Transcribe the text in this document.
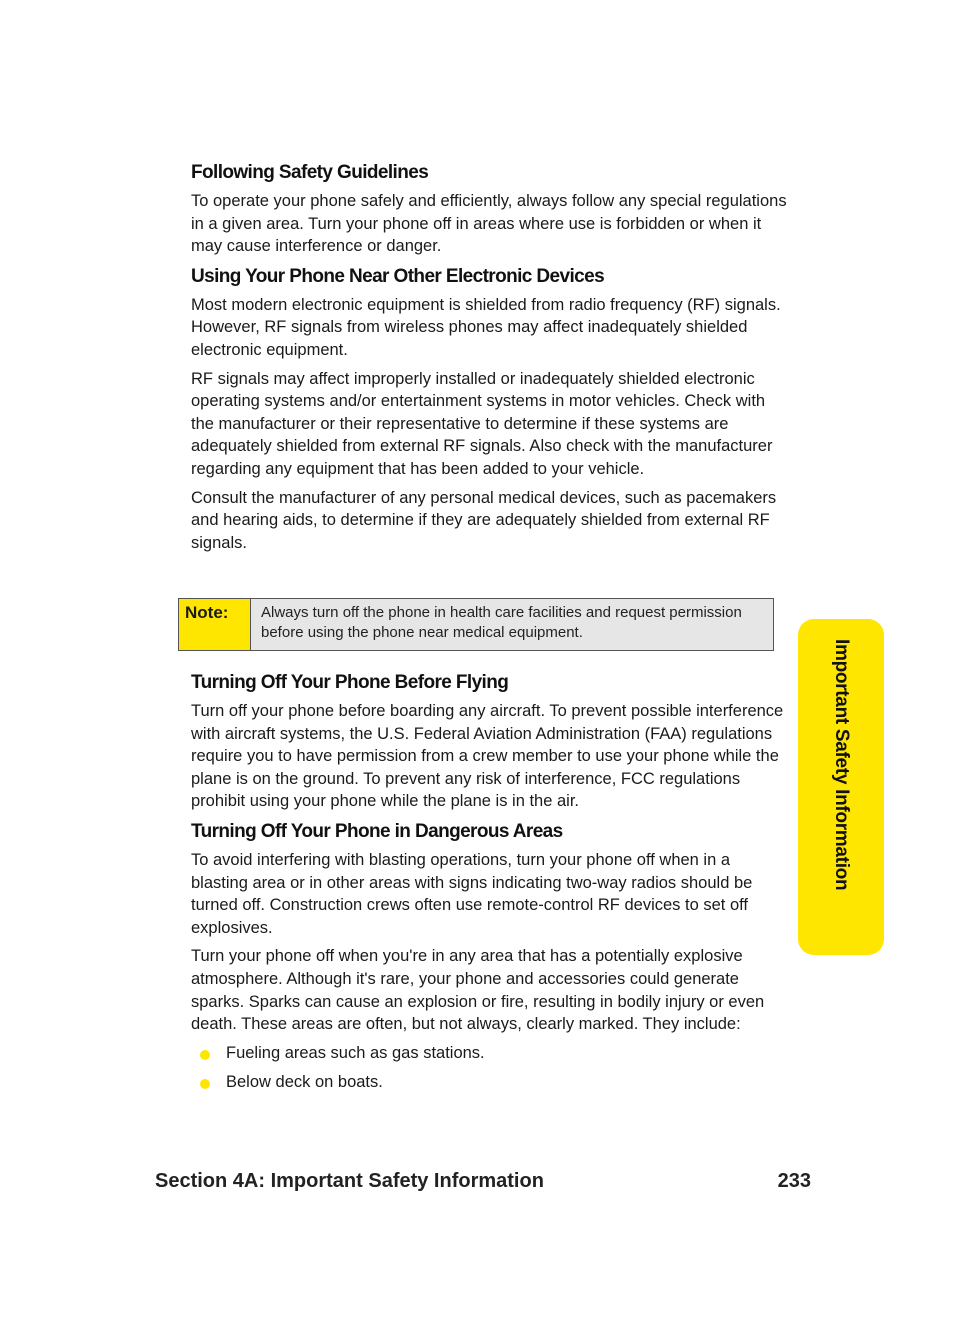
Following Safety Guidelines

To operate your phone safely and efficiently, always follow any special regulations in a given area. Turn your phone off in areas where use is forbidden or when it may cause interference or danger.

Using Your Phone Near Other Electronic Devices

Most modern electronic equipment is shielded from radio frequency (RF) signals. However, RF signals from wireless phones may affect inadequately shielded electronic equipment.

RF signals may affect improperly installed or inadequately shielded electronic operating systems and/or entertainment systems in motor vehicles. Check with the manufacturer or their representative to determine if these systems are adequately shielded from external RF signals. Also check with the manufacturer regarding any equipment that has been added to your vehicle.

Consult the manufacturer of any personal medical devices, such as pacemakers and hearing aids, to determine if they are adequately shielded from external RF signals.

Note:	Always turn off the phone in health care facilities and request permission before using the phone near medical equipment.
Turning Off Your Phone Before Flying

Turn off your phone before boarding any aircraft. To prevent possible interference with aircraft systems, the U.S. Federal Aviation Administration (FAA) regulations require you to have permission from a crew member to use your phone while the plane is on the ground. To prevent any risk of interference, FCC regulations prohibit using your phone while the plane is in the air.

Turning Off Your Phone in Dangerous Areas

To avoid interfering with blasting operations, turn your phone off when in a blasting area or in other areas with signs indicating two-way radios should be turned off. Construction crews often use remote-control RF devices to set off explosives.

Turn your phone off when you're in any area that has a potentially explosive atmosphere. Although it's rare, your phone and accessories could generate sparks. Sparks can cause an explosion or fire, resulting in bodily injury or even death. These areas are often, but not always, clearly marked. They include:

Fueling areas such as gas stations.
Below deck on boats.
Important Safety Information
Section 4A: Important Safety Information	233
